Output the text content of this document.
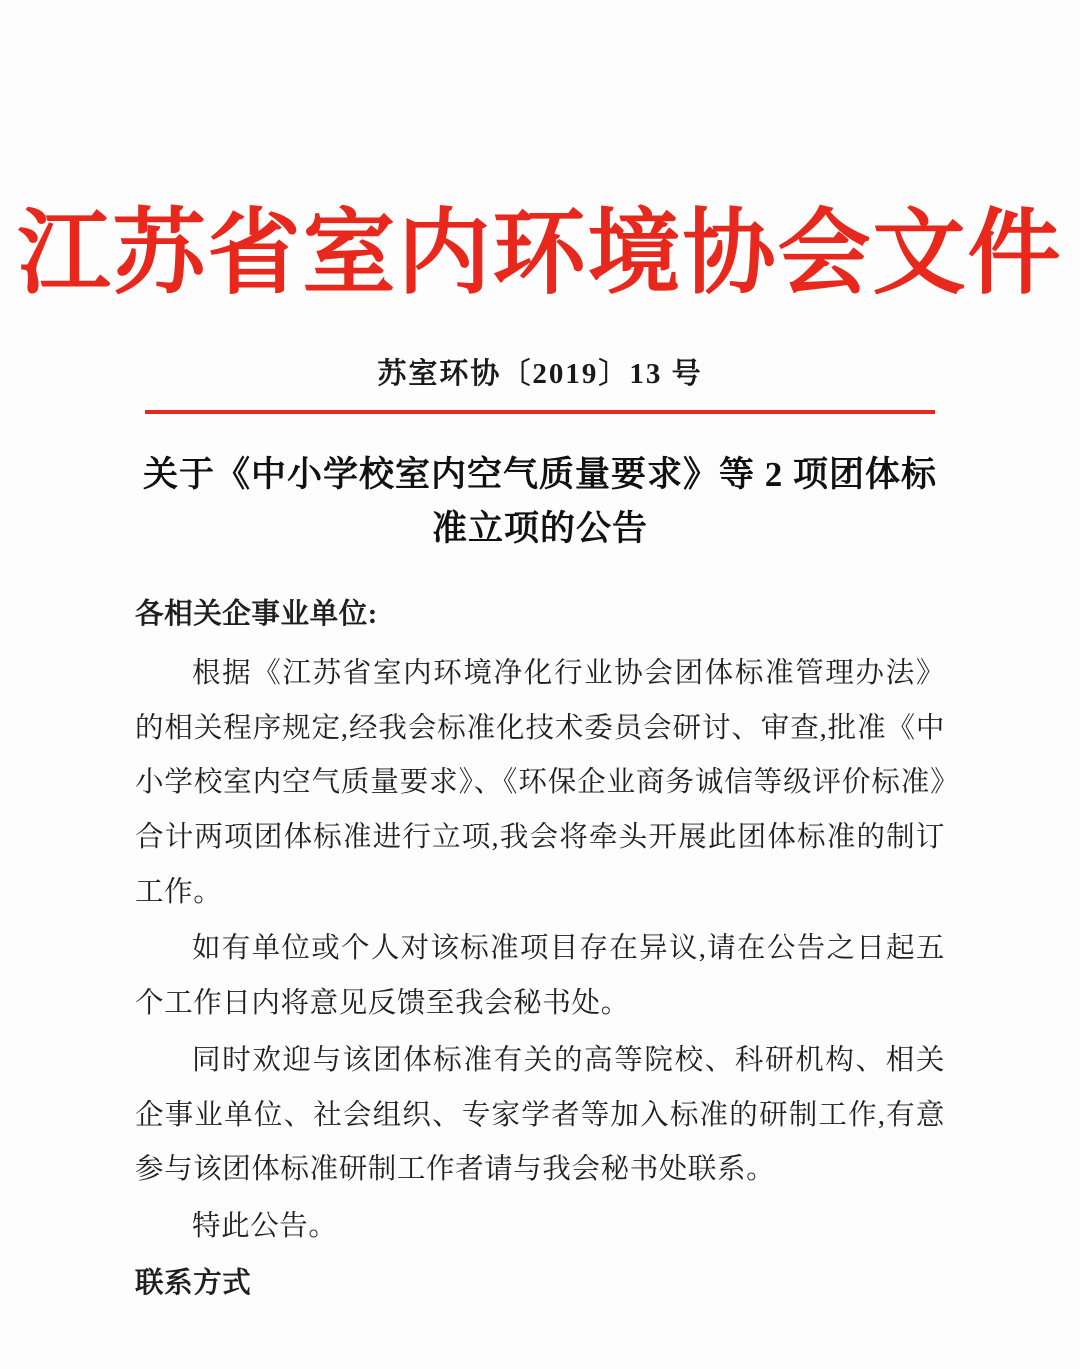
江苏省室内环境协会文件
苏室环协〔2019〕13 号
关于《中小学校室内空气质量要求》等 2 项团体标准立项的公告

各相关企事业单位:

根据《江苏省室内环境净化行业协会团体标准管理办法》的相关程序规定,经我会标准化技术委员会研讨、审查,批准《中小学校室内空气质量要求》、《环保企业商务诚信等级评价标准》合计两项团体标准进行立项,我会将牵头开展此团体标准的制订工作。

如有单位或个人对该标准项目存在异议,请在公告之日起五个工作日内将意见反馈至我会秘书处。

同时欢迎与该团体标准有关的高等院校、科研机构、相关企事业单位、社会组织、专家学者等加入标准的研制工作,有意参与该团体标准研制工作者请与我会秘书处联系。

特此公告。

联系方式
